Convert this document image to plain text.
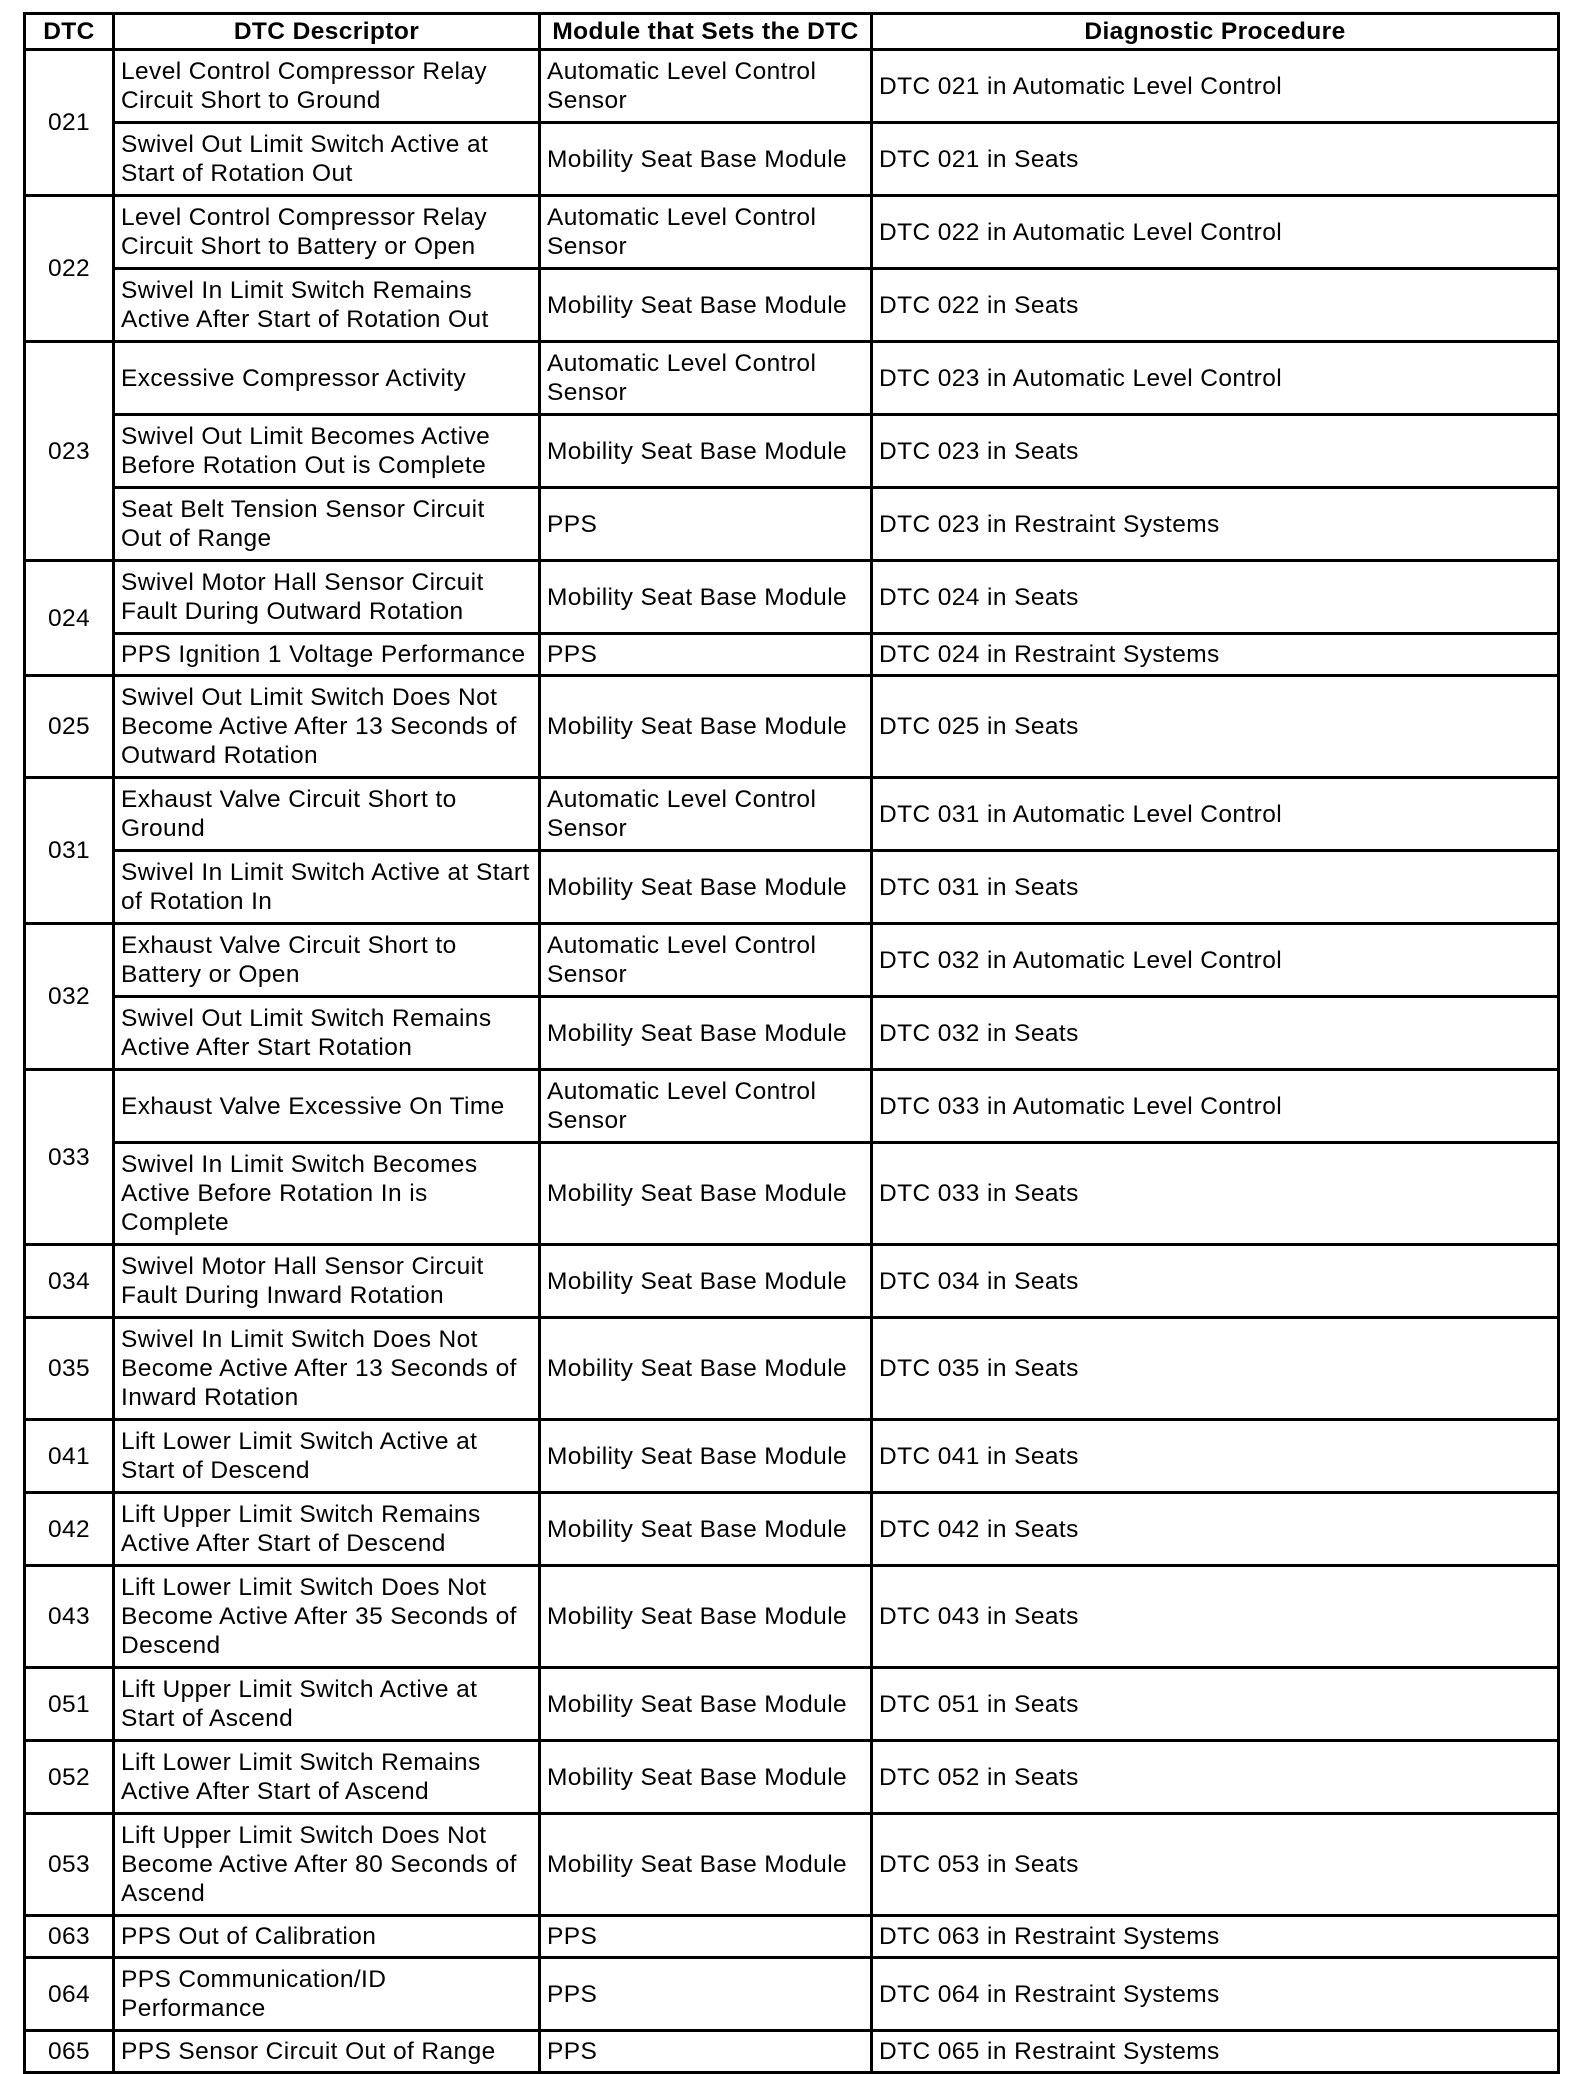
DTC	DTC Descriptor	Module that Sets the DTC	Diagnostic Procedure
021	Level Control Compressor Relay Circuit Short to Ground	Automatic Level Control Sensor	DTC 021 in Automatic Level Control
	Swivel Out Limit Switch Active at Start of Rotation Out	Mobility Seat Base Module	DTC 021 in Seats
022	Level Control Compressor Relay Circuit Short to Battery or Open	Automatic Level Control Sensor	DTC 022 in Automatic Level Control
	Swivel In Limit Switch Remains Active After Start of Rotation Out	Mobility Seat Base Module	DTC 022 in Seats
023	Excessive Compressor Activity	Automatic Level Control Sensor	DTC 023 in Automatic Level Control
	Swivel Out Limit Becomes Active Before Rotation Out is Complete	Mobility Seat Base Module	DTC 023 in Seats
	Seat Belt Tension Sensor Circuit Out of Range	PPS	DTC 023 in Restraint Systems
024	Swivel Motor Hall Sensor Circuit Fault During Outward Rotation	Mobility Seat Base Module	DTC 024 in Seats
	PPS Ignition 1 Voltage Performance	PPS	DTC 024 in Restraint Systems
025	Swivel Out Limit Switch Does Not Become Active After 13 Seconds of Outward Rotation	Mobility Seat Base Module	DTC 025 in Seats
031	Exhaust Valve Circuit Short to Ground	Automatic Level Control Sensor	DTC 031 in Automatic Level Control
	Swivel In Limit Switch Active at Start of Rotation In	Mobility Seat Base Module	DTC 031 in Seats
032	Exhaust Valve Circuit Short to Battery or Open	Automatic Level Control Sensor	DTC 032 in Automatic Level Control
	Swivel Out Limit Switch Remains Active After Start Rotation	Mobility Seat Base Module	DTC 032 in Seats
033	Exhaust Valve Excessive On Time	Automatic Level Control Sensor	DTC 033 in Automatic Level Control
	Swivel In Limit Switch Becomes Active Before Rotation In is Complete	Mobility Seat Base Module	DTC 033 in Seats
034	Swivel Motor Hall Sensor Circuit Fault During Inward Rotation	Mobility Seat Base Module	DTC 034 in Seats
035	Swivel In Limit Switch Does Not Become Active After 13 Seconds of Inward Rotation	Mobility Seat Base Module	DTC 035 in Seats
041	Lift Lower Limit Switch Active at Start of Descend	Mobility Seat Base Module	DTC 041 in Seats
042	Lift Upper Limit Switch Remains Active After Start of Descend	Mobility Seat Base Module	DTC 042 in Seats
043	Lift Lower Limit Switch Does Not Become Active After 35 Seconds of Descend	Mobility Seat Base Module	DTC 043 in Seats
051	Lift Upper Limit Switch Active at Start of Ascend	Mobility Seat Base Module	DTC 051 in Seats
052	Lift Lower Limit Switch Remains Active After Start of Ascend	Mobility Seat Base Module	DTC 052 in Seats
053	Lift Upper Limit Switch Does Not Become Active After 80 Seconds of Ascend	Mobility Seat Base Module	DTC 053 in Seats
063	PPS Out of Calibration	PPS	DTC 063 in Restraint Systems
064	PPS Communication/ID Performance	PPS	DTC 064 in Restraint Systems
065	PPS Sensor Circuit Out of Range	PPS	DTC 065 in Restraint Systems
